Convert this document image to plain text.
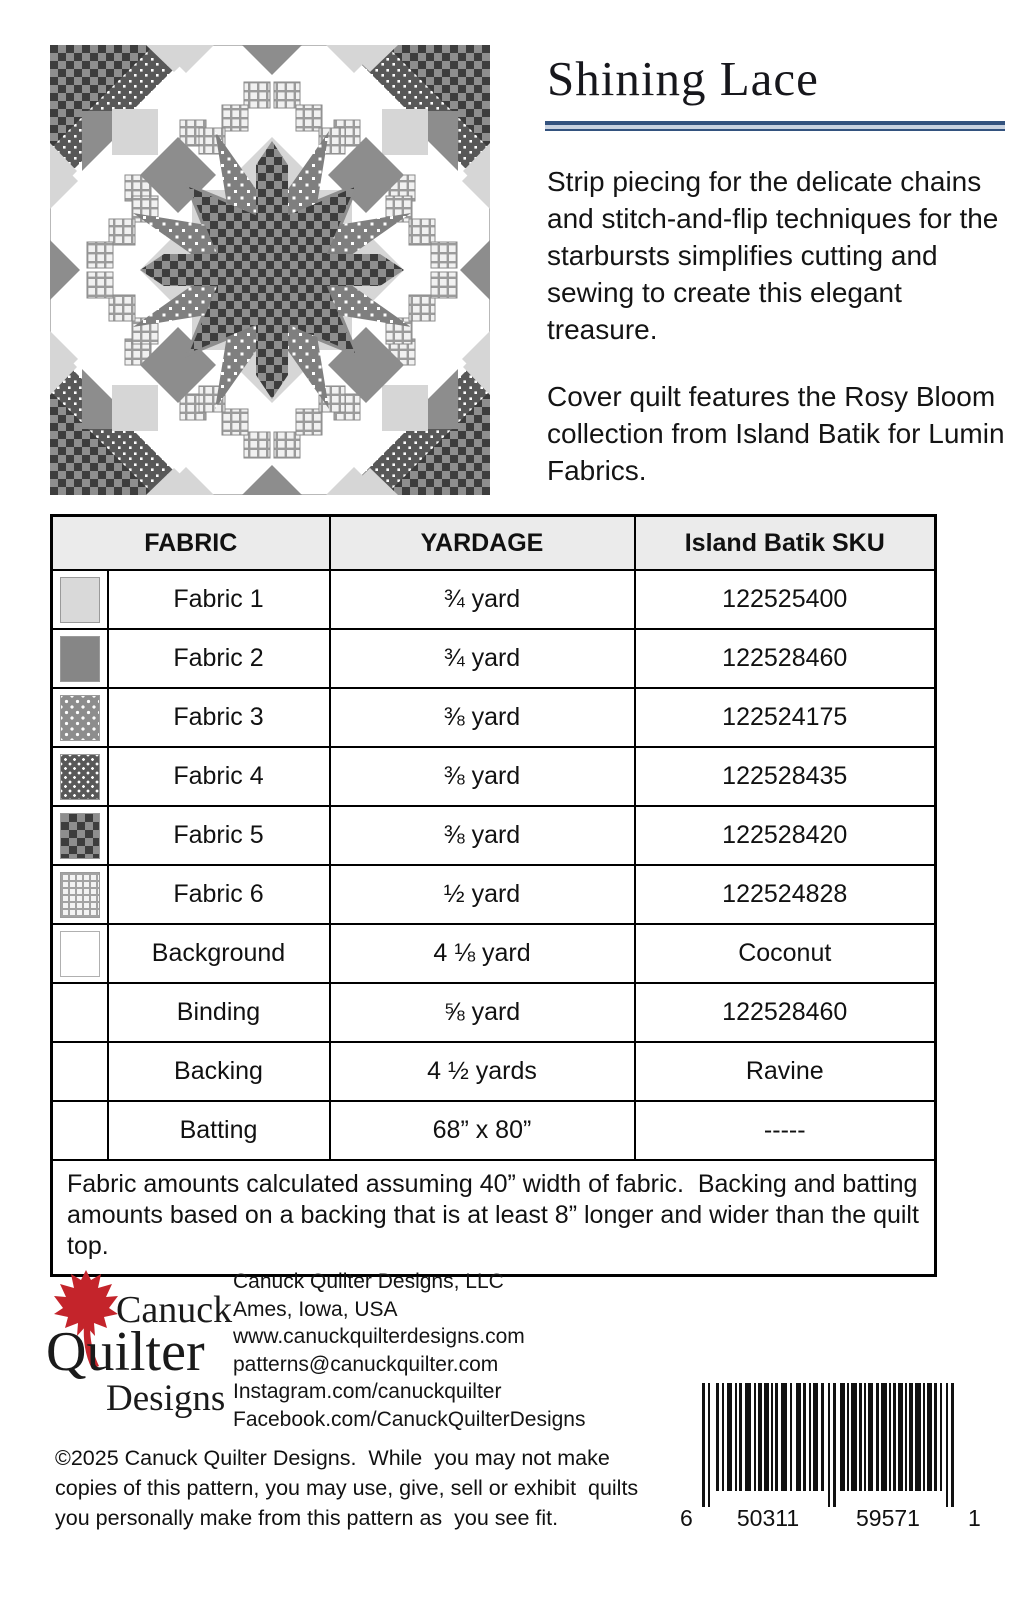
Shining Lace

Strip piecing for the delicate chains and stitch-and-flip techniques for the starbursts simplifies cutting and sewing to create this elegant treasure.

Cover quilt features the Rosy Bloom collection from Island Batik for Lumin Fabrics.

FABRIC		YARDAGE	Island Batik SKU

	Fabric 1	¾ yard	122525400

	Fabric 2	¾ yard	122528460

	Fabric 3	⅜ yard	122524175

	Fabric 4	⅜ yard	122528435

	Fabric 5	⅜ yard	122528420

	Fabric 6	½ yard	122524828

	Background	4 ⅛ yard	Coconut
	Binding	⅝ yard	122528460
	Backing	4 ½ yards	Ravine
	Batting	68” x 80”	-----
Fabric amounts calculated assuming 40” width of fabric.  Backing and batting amounts based on a backing that is at least 8” longer and wider than the quilt top.			
Canuck
Quilter
Designs
Canuck Quilter Designs, LLC
Ames, Iowa, USA
www.canuckquilterdesigns.com
patterns@canuckquilter.com
Instagram.com/canuckquilter
Facebook.com/CanuckQuilterDesigns
©2025 Canuck Quilter Designs.  While  you may not make copies of this pattern, you may use, give, sell or exhibit  quilts you personally make from this pattern as  you see fit.	6 50311 59571 1
